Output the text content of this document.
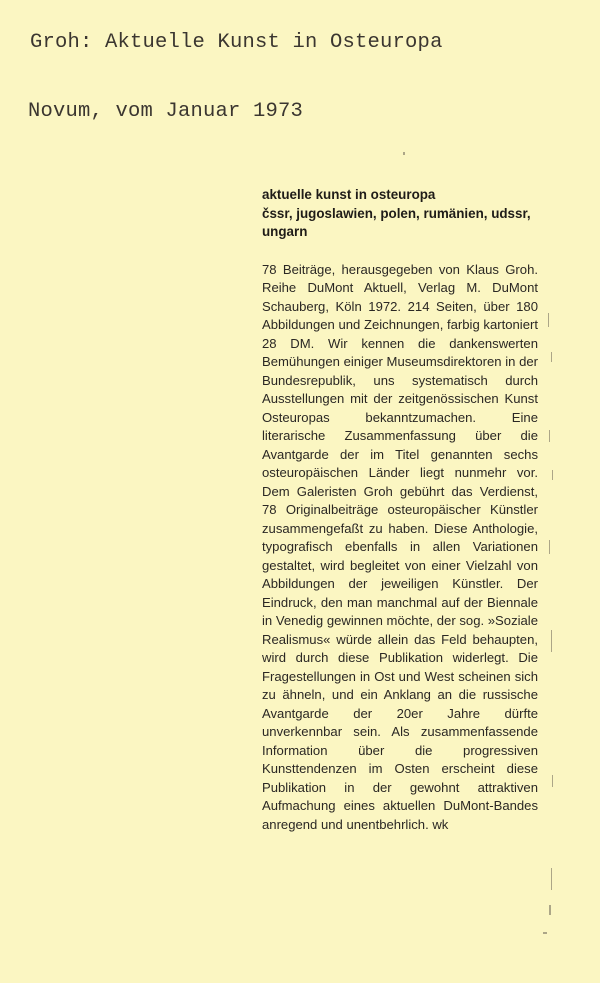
Groh: Aktuelle Kunst in Osteuropa
Novum, vom Januar 1973
aktuelle kunst in osteuropa
čssr, jugoslawien, polen, rumänien, udssr, ungarn
78 Beiträge, herausgegeben von Klaus Groh. Reihe DuMont Aktuell, Verlag M. DuMont Schauberg, Köln 1972. 214 Seiten, über 180 Abbildungen und Zeichnungen, farbig kartoniert 28 DM. Wir kennen die dankenswerten Bemühungen einiger Museumsdirektoren in der Bundesrepublik, uns systematisch durch Ausstellungen mit der zeitgenössischen Kunst Osteuropas bekanntzumachen. Eine literarische Zusammenfassung über die Avantgarde der im Titel genannten sechs osteuropäischen Länder liegt nunmehr vor. Dem Galeristen Groh gebührt das Verdienst, 78 Originalbeiträge osteuropäischer Künstler zusammengefaßt zu haben. Diese Anthologie, typografisch ebenfalls in allen Variationen gestaltet, wird begleitet von einer Vielzahl von Abbildungen der jeweiligen Künstler. Der Eindruck, den man manchmal auf der Biennale in Venedig gewinnen möchte, der sog. »Soziale Realismus« würde allein das Feld behaupten, wird durch diese Publikation widerlegt. Die Fragestellungen in Ost und West scheinen sich zu ähneln, und ein Anklang an die russische Avantgarde der 20er Jahre dürfte unverkennbar sein. Als zusammenfassende Information über die progressiven Kunsttendenzen im Osten erscheint diese Publikation in der gewohnt attraktiven Aufmachung eines aktuellen DuMont-Bandes anregend und unentbehrlich. wk
